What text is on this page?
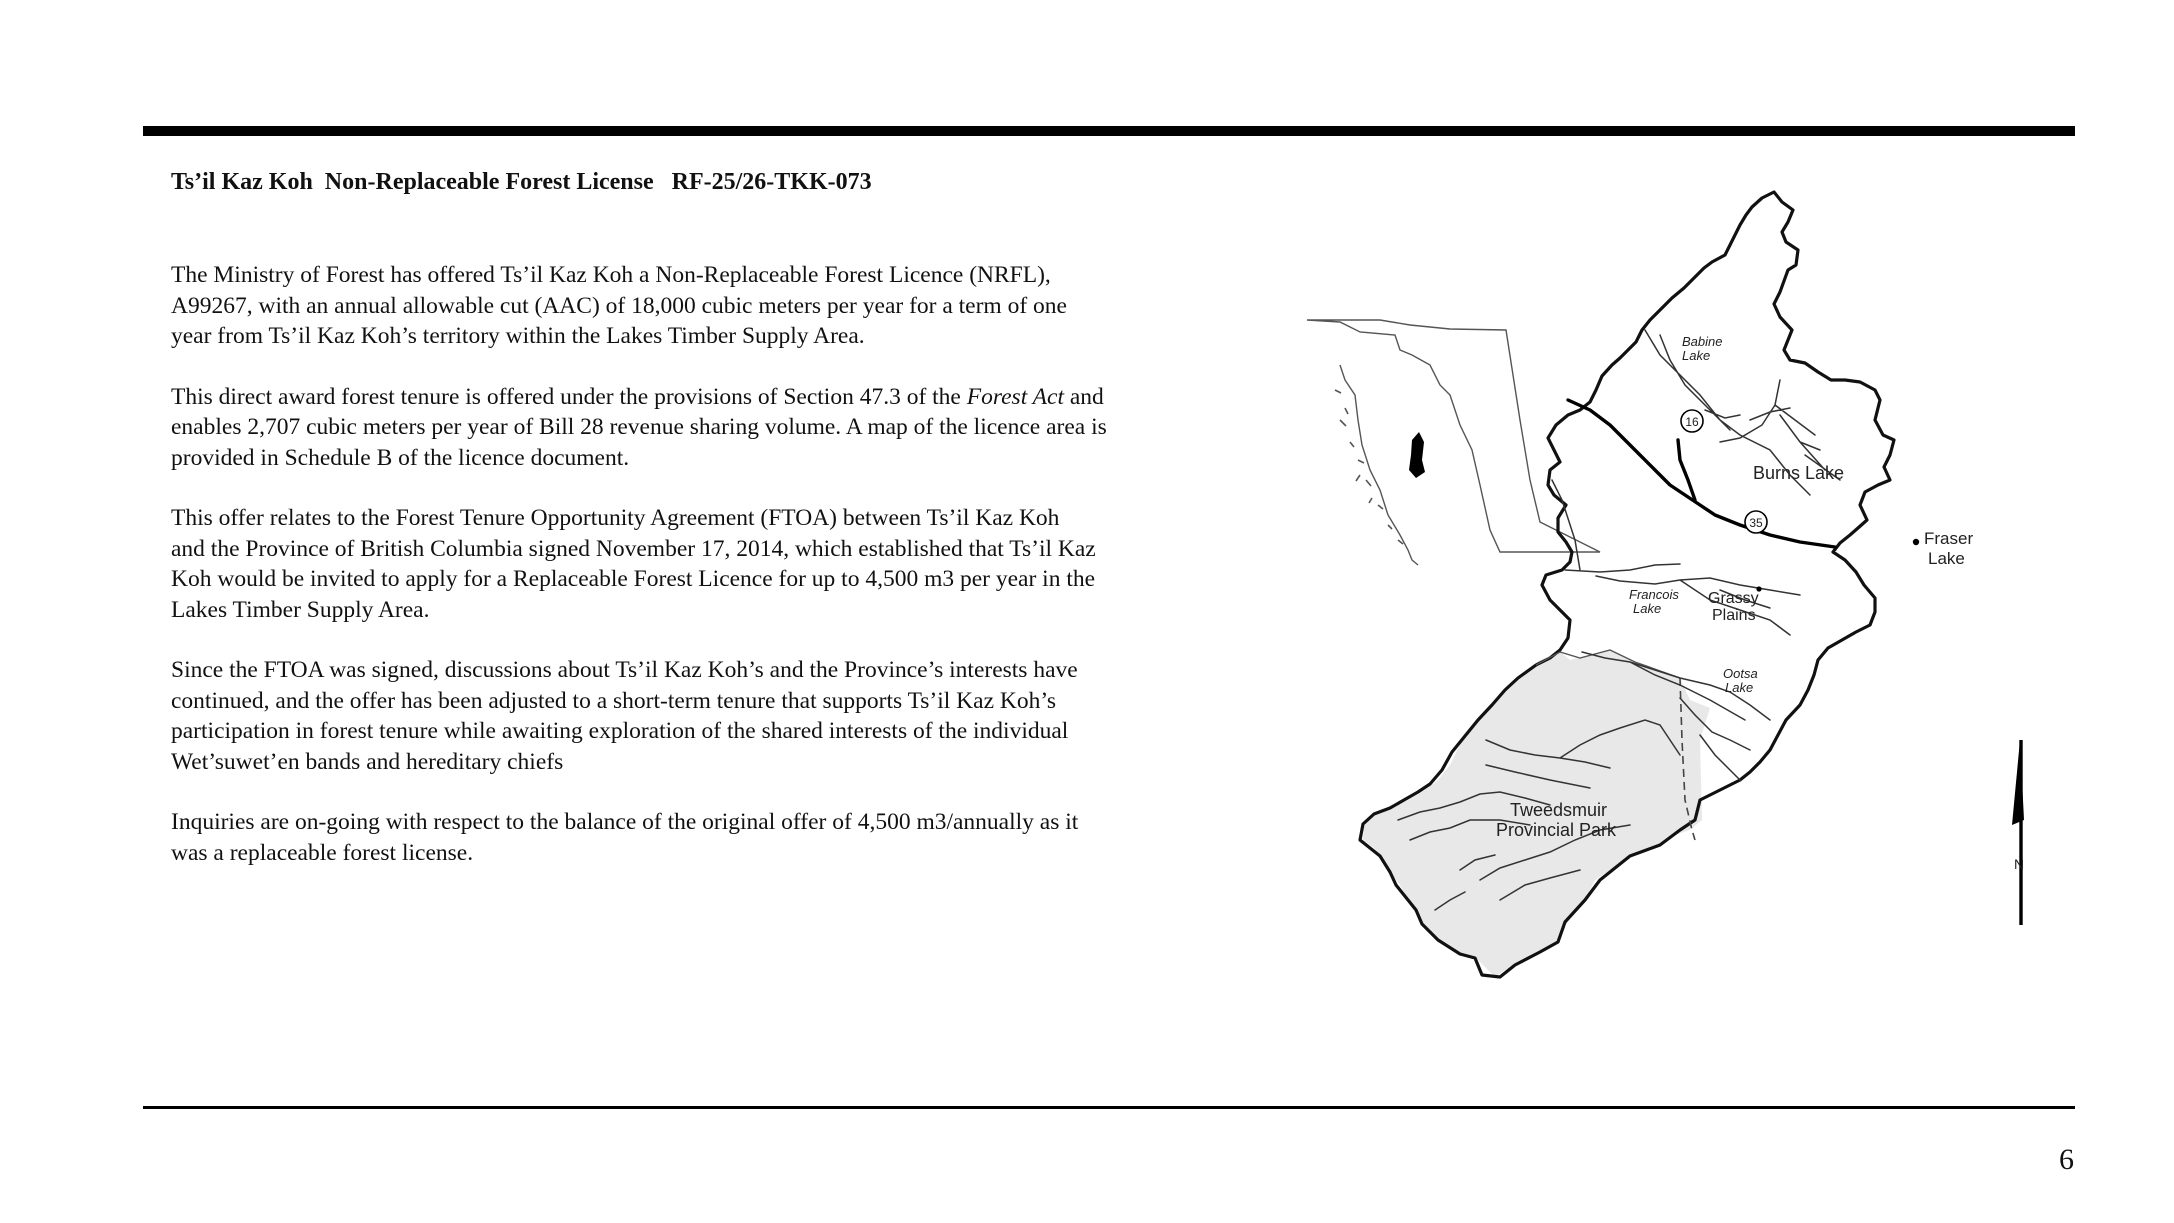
Ts’il Kaz Koh  Non-Replaceable Forest License   RF-25/26-TKK-073

The Ministry of Forest has offered Ts’il Kaz Koh a Non-Replaceable Forest Licence (NRFL),
A99267, with an annual allowable cut (AAC) of 18,000 cubic meters per year for a term of one
year from Ts’il Kaz Koh’s territory within the Lakes Timber Supply Area.

This direct award forest tenure is offered under the provisions of Section 47.3 of the Forest Act and
enables 2,707 cubic meters per year of Bill 28 revenue sharing volume. A map of the licence area is
provided in Schedule B of the licence document.

This offer relates to the Forest Tenure Opportunity Agreement (FTOA) between Ts’il Kaz Koh
and the Province of British Columbia signed November 17, 2014, which established that Ts’il Kaz
Koh would be invited to apply for a Replaceable Forest Licence for up to 4,500 m3 per year in the
Lakes Timber Supply Area.

Since the FTOA was signed, discussions about Ts’il Kaz Koh’s and the Province’s interests have
continued, and the offer has been adjusted to a short-term tenure that supports Ts’il Kaz Koh’s
participation in forest tenure while awaiting exploration of the shared interests of the individual
Wet’suwet’en bands and hereditary chiefs

Inquiries are on-going with respect to the balance of the original offer of 4,500 m3/annually as it
was a replaceable forest license.

16
35
Babine
Lake
Burns Lake
Fraser
Lake
Francois
Lake
Grassy
Plains
Ootsa
Lake
Tweedsmuir
Provincial Park
N
6
